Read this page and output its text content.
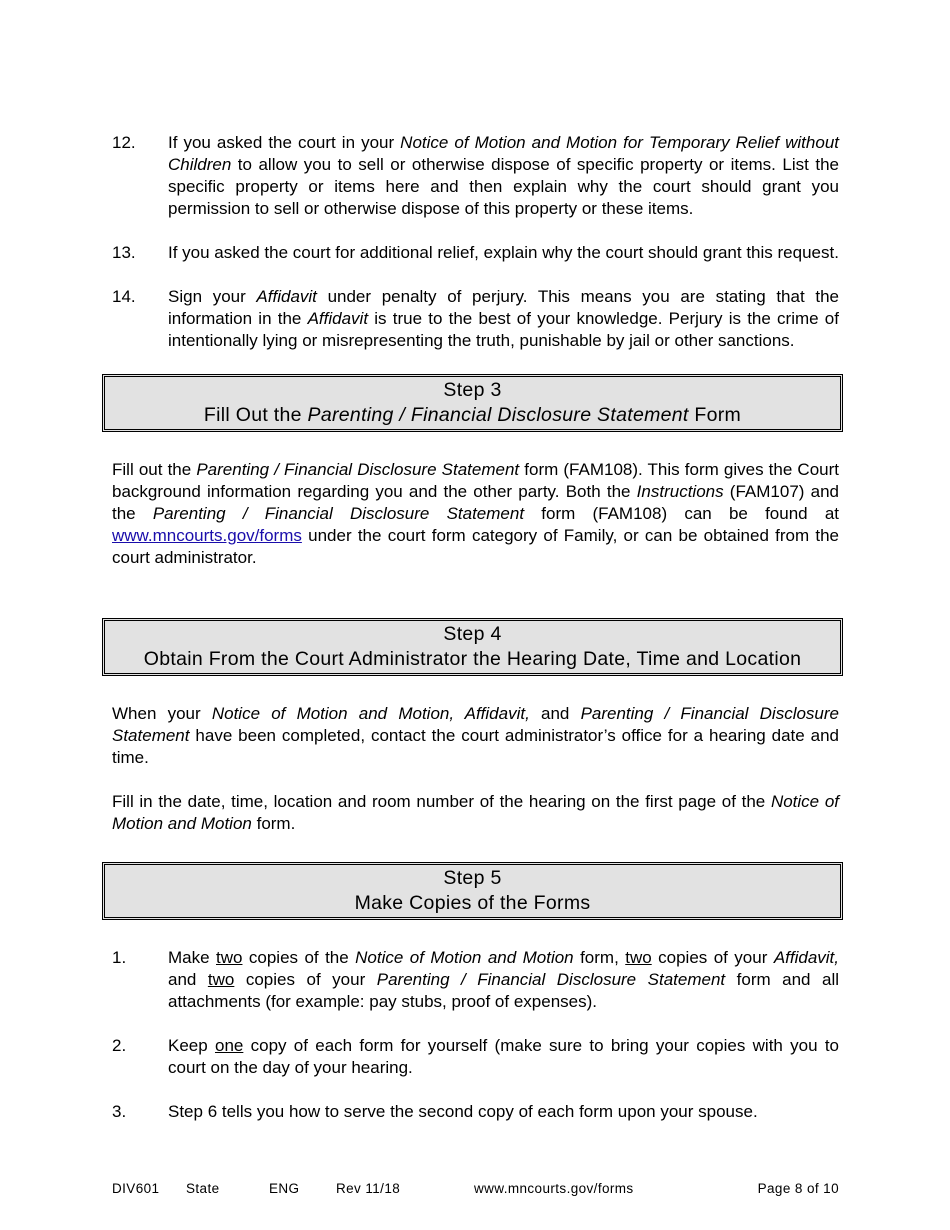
12.	If you asked the court in your Notice of Motion and Motion for Temporary Relief without Children to allow you to sell or otherwise dispose of specific property or items. List the specific property or items here and then explain why the court should grant you permission to sell or otherwise dispose of this property or these items.
13.	If you asked the court for additional relief, explain why the court should grant this request.
14.	Sign your Affidavit under penalty of perjury. This means you are stating that the information in the Affidavit is true to the best of your knowledge. Perjury is the crime of intentionally lying or misrepresenting the truth, punishable by jail or other sanctions.
Step 3
Fill Out the Parenting / Financial Disclosure Statement Form

Fill out the Parenting / Financial Disclosure Statement form (FAM108). This form gives the Court background information regarding you and the other party. Both the Instructions (FAM107) and the Parenting / Financial Disclosure Statement form (FAM108) can be found at www.mncourts.gov/forms under the court form category of Family, or can be obtained from the court administrator.

Step 4
Obtain From the Court Administrator the Hearing Date, Time and Location

When your Notice of Motion and Motion, Affidavit, and Parenting / Financial Disclosure Statement have been completed, contact the court administrator’s office for a hearing date and time.

Fill in the date, time, location and room number of the hearing on the first page of the Notice of Motion and Motion form.

Step 5
Make Copies of the Forms
1.	Make two copies of the Notice of Motion and Motion form, two copies of your Affidavit, and two copies of your Parenting / Financial Disclosure Statement form and all attachments (for example: pay stubs, proof of expenses).
2.	Keep one copy of each form for yourself (make sure to bring your copies with you to court on the day of your hearing.
3.	Step 6 tells you how to serve the second copy of each form upon your spouse.
DIV601 State	ENG	Rev 11/18	www.mncourts.gov/forms	Page 8 of 10
